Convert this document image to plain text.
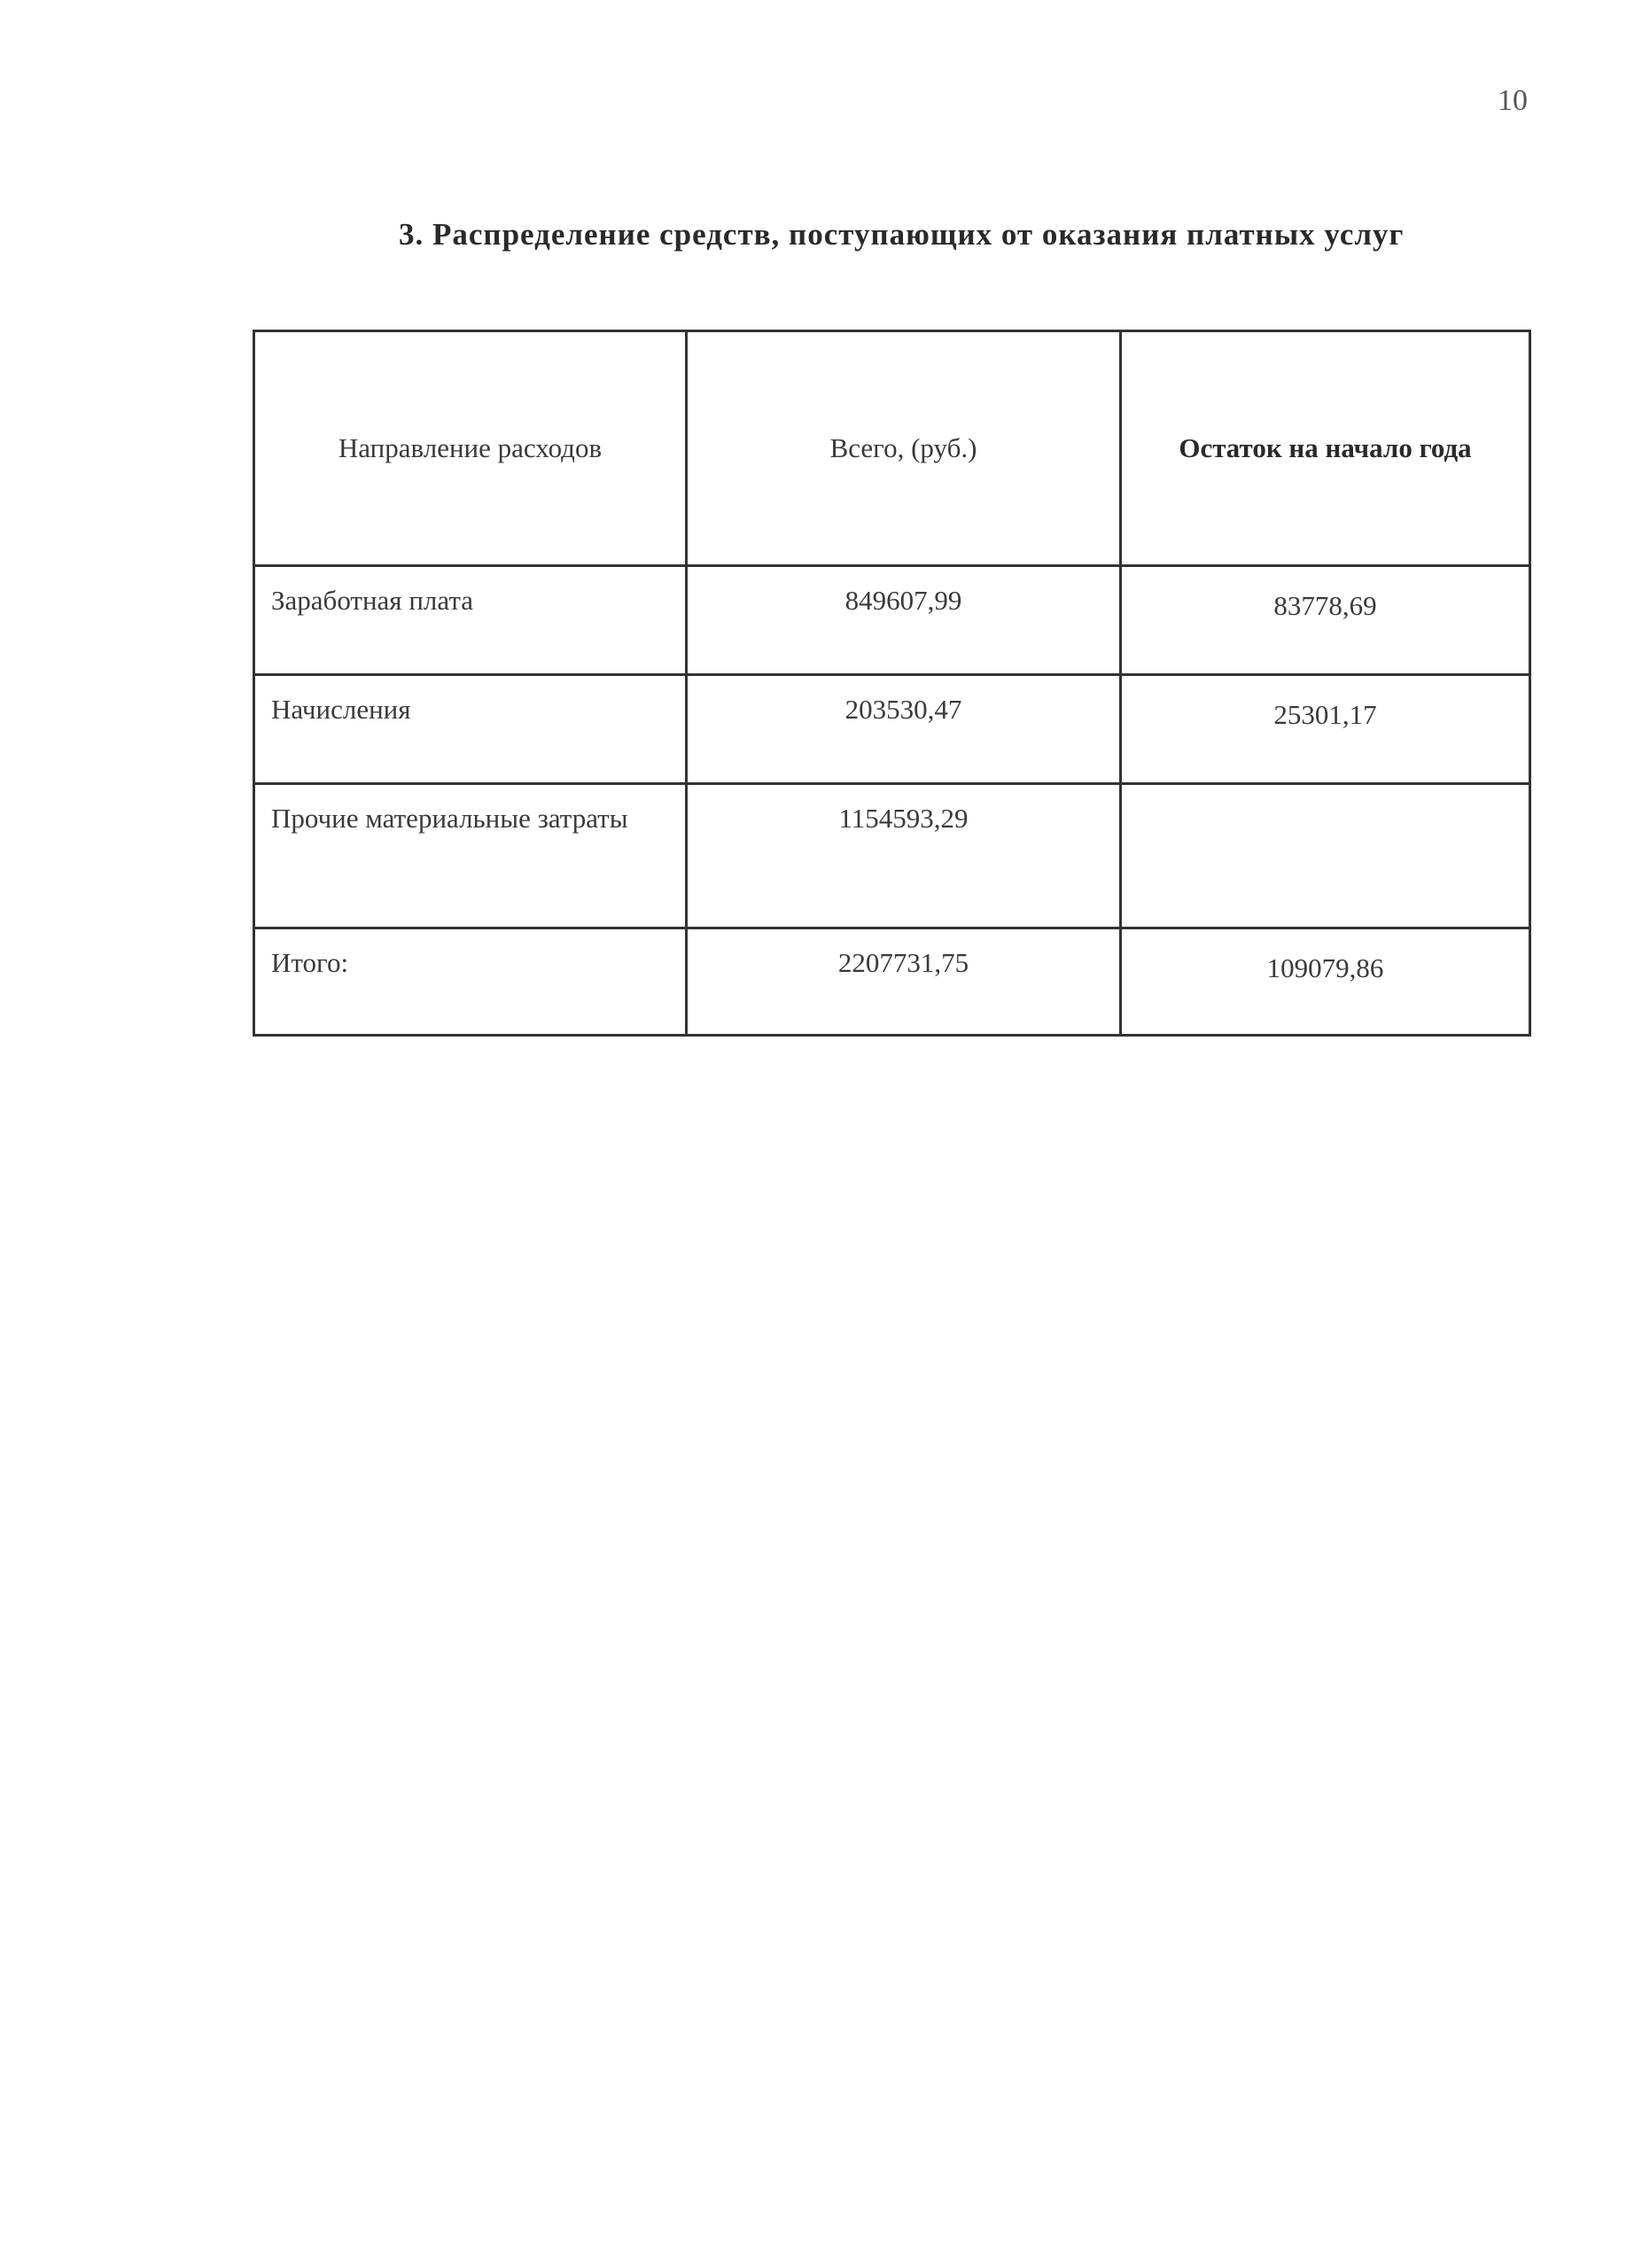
10
3. Распределение средств, поступающих от оказания платных услуг
Направление расходов	Всего, (руб.)	Остаток на начало года
Заработная плата	849607,99	83778,69
Начисления	203530,47	25301,17
Прочие материальные затраты	1154593,29	
Итого:	2207731,75	109079,86
